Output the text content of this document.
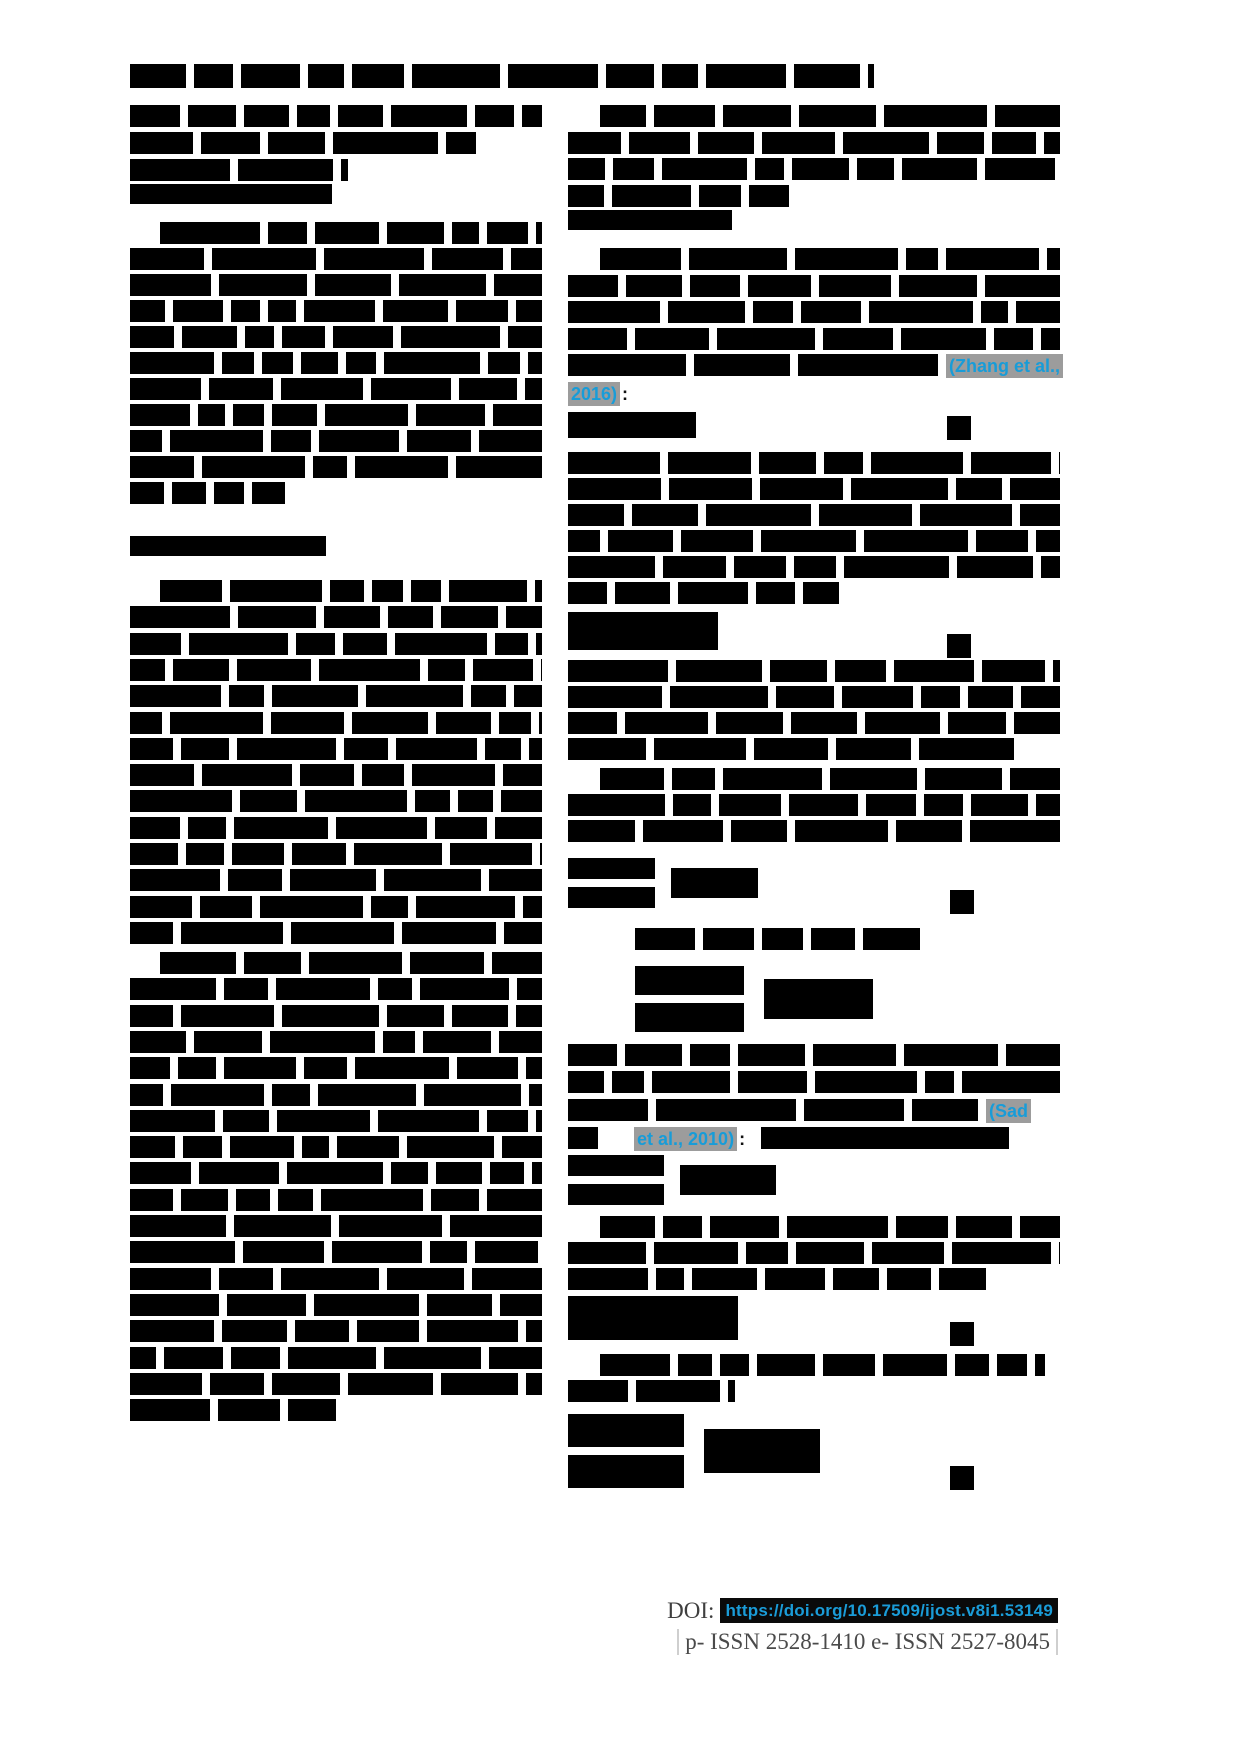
(Zhang et al.,
2016) :
(Sad
et al., 2010) :
DOI: https://doi.org/10.17509/ijost.v8i1.53149
p- ISSN 2528-1410 e- ISSN 2527-8045
